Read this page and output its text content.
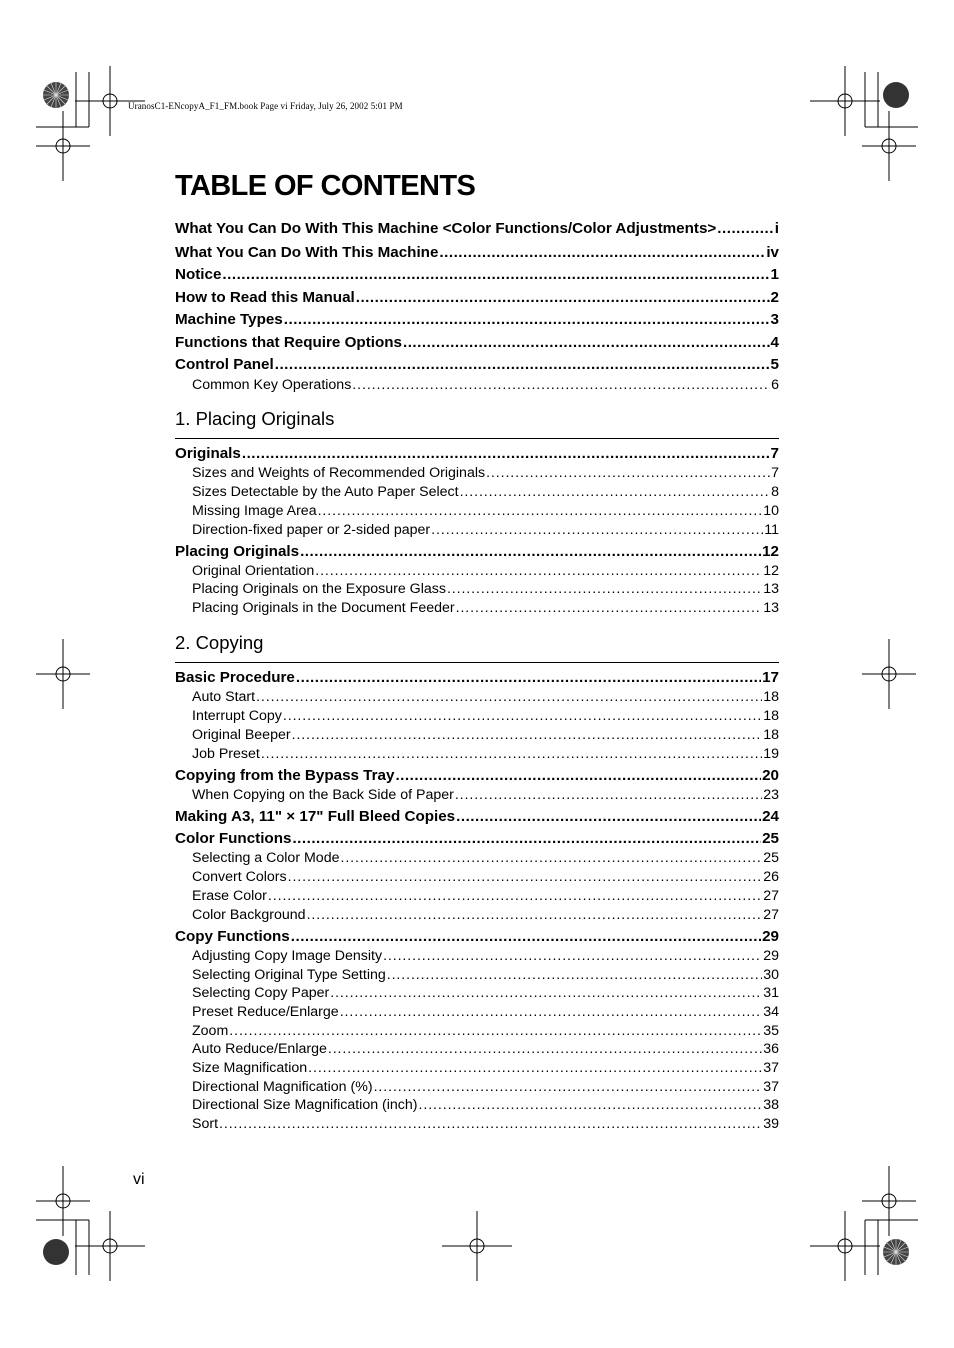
UranosC1-ENcopyA_F1_FM.book Page vi Friday, July 26, 2002 5:01 PM
TABLE OF CONTENTS
What You Can Do With This Machine <Color Functions/Color Adjustments> .....	i
What You Can Do With This Machine .....	iv
Notice .....	1
How to Read this Manual .....	2
Machine Types .....	3
Functions that Require Options .....	4
Control Panel .....	5
Common Key Operations .....	6
1. Placing Originals
Originals .....	7
Sizes and Weights of Recommended Originals .....	7
Sizes Detectable by the Auto Paper Select .....	8
Missing Image Area .....	10
Direction-fixed paper or 2-sided paper .....	11
Placing Originals .....	12
Original Orientation .....	12
Placing Originals on the Exposure Glass .....	13
Placing Originals in the Document Feeder .....	13
2. Copying
Basic Procedure .....	17
Auto Start .....	18
Interrupt Copy .....	18
Original Beeper .....	18
Job Preset .....	19
Copying from the Bypass Tray .....	20
When Copying on the Back Side of Paper .....	23
Making A3, 11" × 17" Full Bleed Copies .....	24
Color Functions .....	25
Selecting a Color Mode .....	25
Convert Colors .....	26
Erase Color .....	27
Color Background .....	27
Copy Functions .....	29
Adjusting Copy Image Density .....	29
Selecting Original Type Setting .....	30
Selecting Copy Paper .....	31
Preset Reduce/Enlarge .....	34
Zoom .....	35
Auto Reduce/Enlarge .....	36
Size Magnification .....	37
Directional Magnification (%) .....	37
Directional Size Magnification (inch) .....	38
Sort .....	39
vi
